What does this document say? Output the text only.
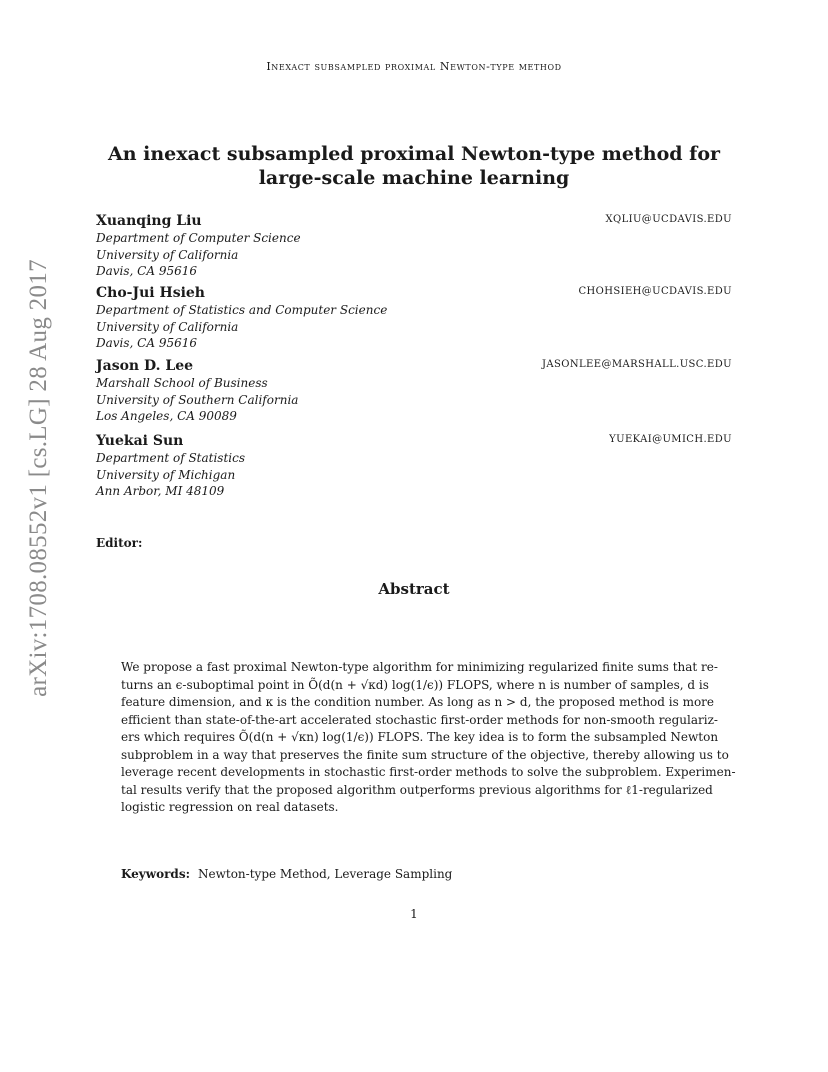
arXiv:1708.08552v1 [cs.LG] 28 Aug 2017
Inexact subsampled proximal Newton-type method
An inexact subsampled proximal Newton-type method for
large-scale machine learning
Xuanqing Liu	XQLIU@UCDAVIS.EDU
Department of Computer Science
University of California
Davis, CA 95616
Cho-Jui Hsieh	CHOHSIEH@UCDAVIS.EDU
Department of Statistics and Computer Science
University of California
Davis, CA 95616
Jason D. Lee	JASONLEE@MARSHALL.USC.EDU
Marshall School of Business
University of Southern California
Los Angeles, CA 90089
Yuekai Sun	YUEKAI@UMICH.EDU
Department of Statistics
University of Michigan
Ann Arbor, MI 48109
Editor:
Abstract
We propose a fast proximal Newton-type algorithm for minimizing regularized finite sums that re-
turns an ϵ-suboptimal point in Õ(d(n + √κd) log(1/ϵ)) FLOPS, where n is number of samples, d is
feature dimension, and κ is the condition number. As long as n > d, the proposed method is more
efficient than state-of-the-art accelerated stochastic first-order methods for non-smooth regulariz-
ers which requires Õ(d(n + √κn) log(1/ϵ)) FLOPS. The key idea is to form the subsampled Newton
subproblem in a way that preserves the finite sum structure of the objective, thereby allowing us to
leverage recent developments in stochastic first-order methods to solve the subproblem. Experimen-
tal results verify that the proposed algorithm outperforms previous algorithms for ℓ1-regularized
logistic regression on real datasets.
Keywords: Newton-type Method, Leverage Sampling
1
